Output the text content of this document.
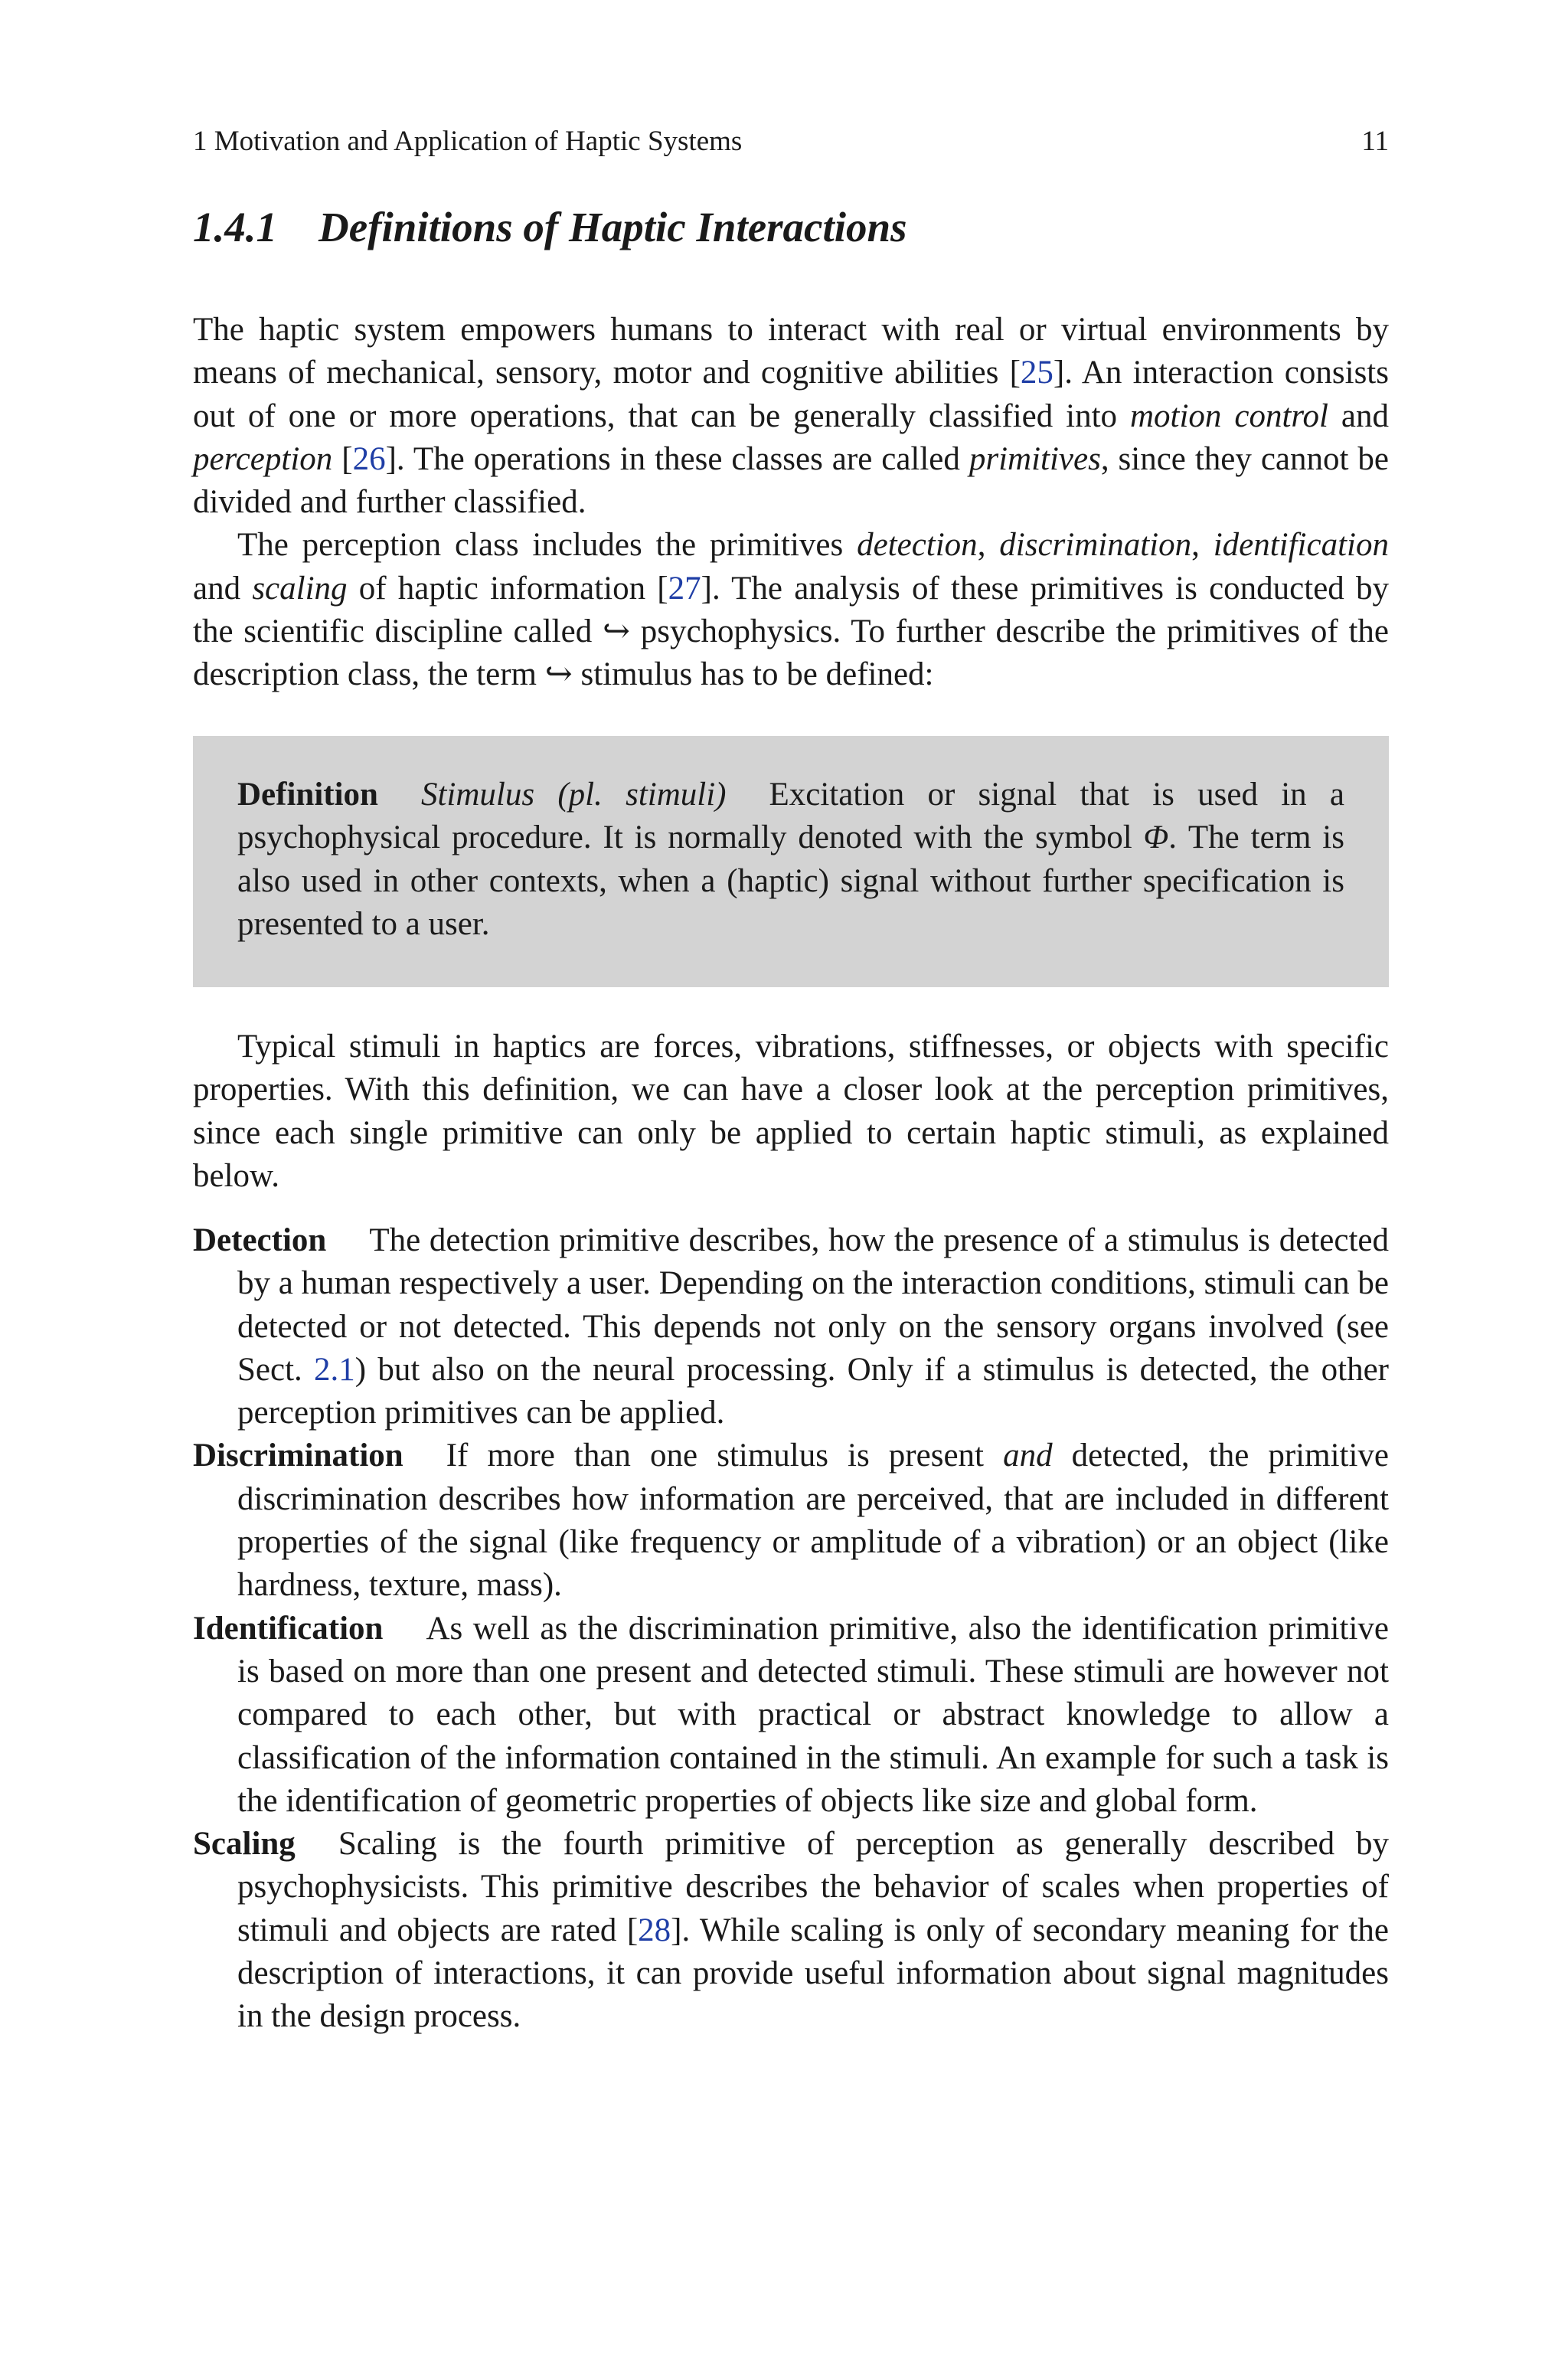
1 Motivation and Application of Haptic Systems	11
1.4.1 Definitions of Haptic Interactions

The haptic system empowers humans to interact with real or virtual environments by means of mechanical, sensory, motor and cognitive abilities [25]. An interaction consists out of one or more operations, that can be generally classified into motion control and perception [26]. The operations in these classes are called primitives, since they cannot be divided and further classified.

The perception class includes the primitives detection, discrimination, identification and scaling of haptic information [27]. The analysis of these primitives is conducted by the scientific discipline called ↪ psychophysics. To further describe the primitives of the description class, the term ↪ stimulus has to be defined:

Definition Stimulus (pl. stimuli) Excitation or signal that is used in a psychophysical procedure. It is normally denoted with the symbol Φ. The term is also used in other contexts, when a (haptic) signal without further specification is presented to a user.

Typical stimuli in haptics are forces, vibrations, stiffnesses, or objects with specific properties. With this definition, we can have a closer look at the perception primitives, since each single primitive can only be applied to certain haptic stimuli, as explained below.

Detection The detection primitive describes, how the presence of a stimulus is detected by a human respectively a user. Depending on the interaction conditions, stimuli can be detected or not detected. This depends not only on the sensory organs involved (see Sect. 2.1) but also on the neural processing. Only if a stimulus is detected, the other perception primitives can be applied.

Discrimination If more than one stimulus is present and detected, the primitive discrimination describes how information are perceived, that are included in different properties of the signal (like frequency or amplitude of a vibration) or an object (like hardness, texture, mass).

Identification As well as the discrimination primitive, also the identification primitive is based on more than one present and detected stimuli. These stimuli are however not compared to each other, but with practical or abstract knowledge to allow a classification of the information contained in the stimuli. An example for such a task is the identification of geometric properties of objects like size and global form.

Scaling Scaling is the fourth primitive of perception as generally described by psychophysicists. This primitive describes the behavior of scales when properties of stimuli and objects are rated [28]. While scaling is only of secondary meaning for the description of interactions, it can provide useful information about signal magnitudes in the design process.
